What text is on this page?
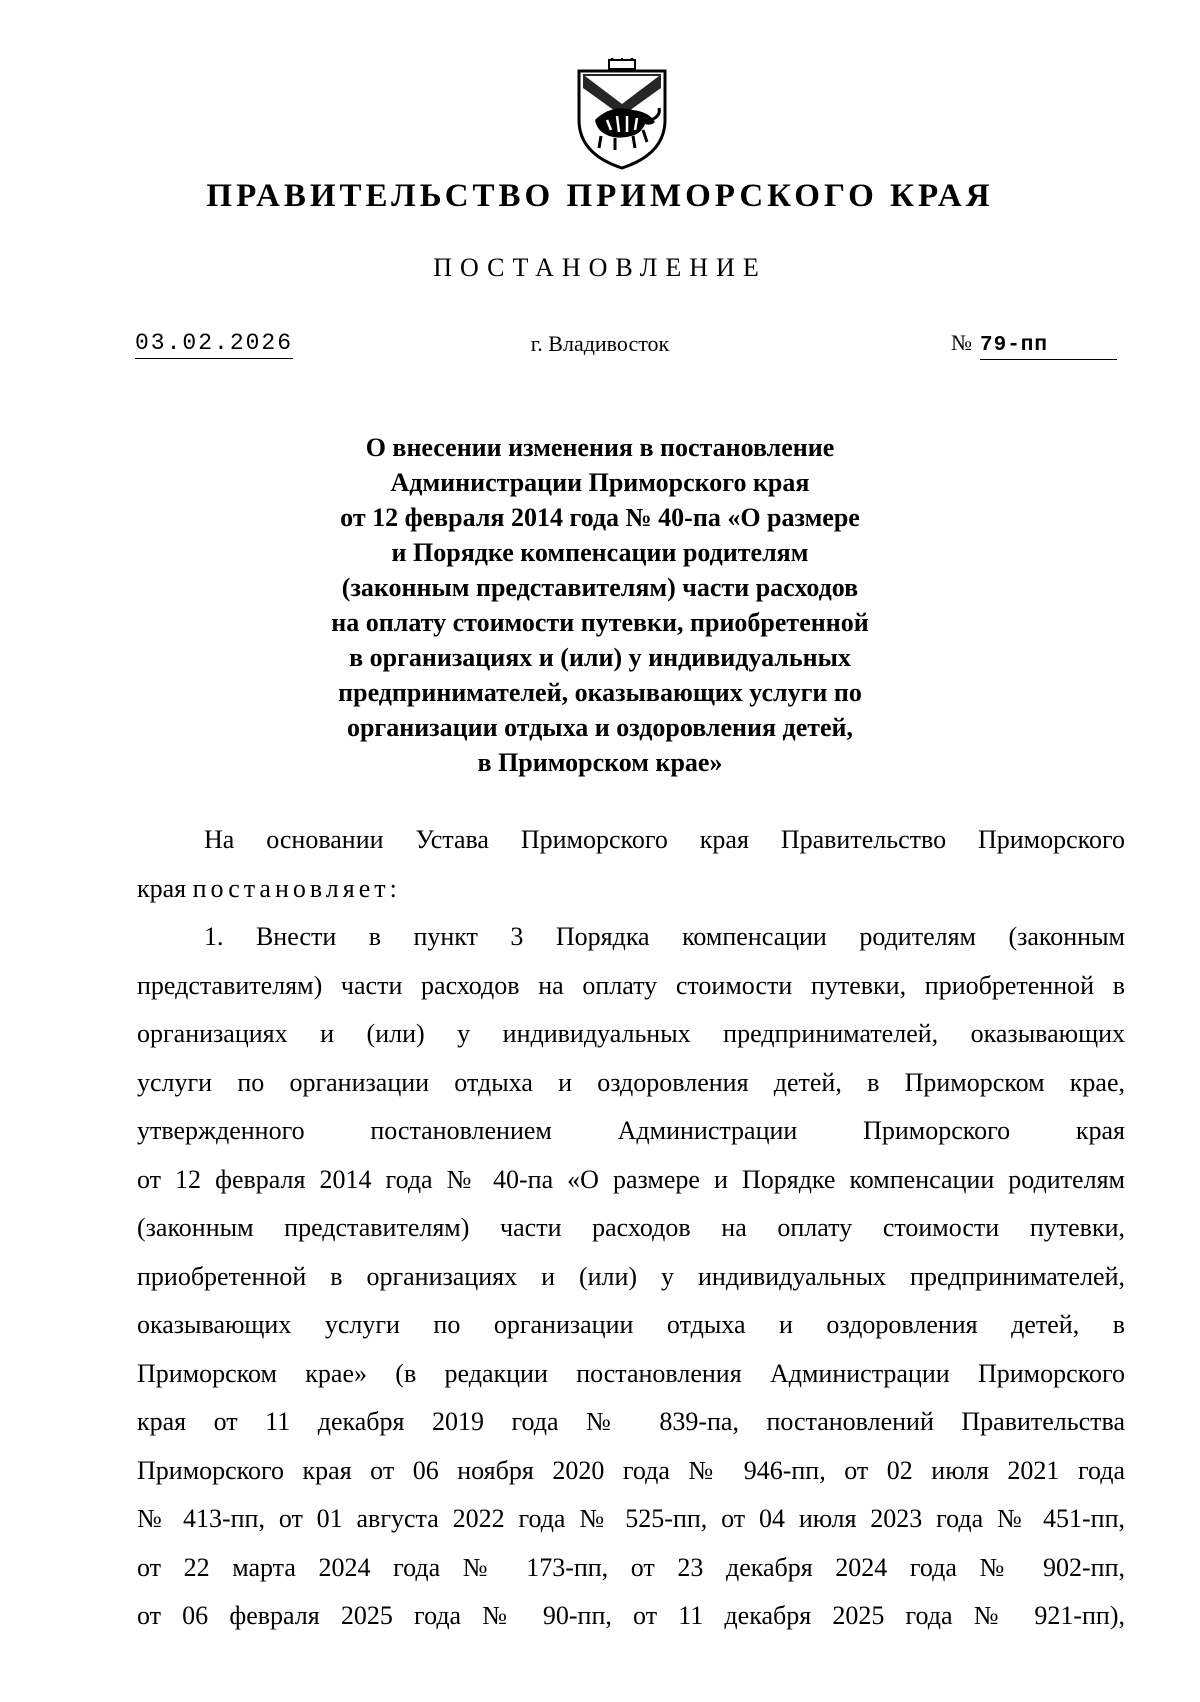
ПРАВИТЕЛЬСТВО ПРИМОРСКОГО КРАЯ
ПОСТАНОВЛЕНИЕ
03.02.2026	г. Владивосток	№ 79-пп
О внесении изменения в постановление
Администрации Приморского края
от 12 февраля 2014 года № 40-па «О размере
и Порядке компенсации родителям
(законным представителям) части расходов
на оплату стоимости путевки, приобретенной
в организациях и (или) у индивидуальных
предпринимателей, оказывающих услуги по
организации отдыха и оздоровления детей,
в Приморском крае»
На основании Устава Приморского края Правительство Приморского
края постановляет:
1. Внести в пункт 3 Порядка компенсации родителям (законным
представителям) части расходов на оплату стоимости путевки, приобретенной в
организациях и (или) у индивидуальных предпринимателей, оказывающих
услуги по организации отдыха и оздоровления детей, в Приморском крае,
утвержденного постановлением Администрации Приморского края
от 12 февраля 2014 года № 40-па «О размере и Порядке компенсации родителям
(законным представителям) части расходов на оплату стоимости путевки,
приобретенной в организациях и (или) у индивидуальных предпринимателей,
оказывающих услуги по организации отдыха и оздоровления детей, в
Приморском крае» (в редакции постановления Администрации Приморского
края от 11 декабря 2019 года № 839-па, постановлений Правительства
Приморского края от 06 ноября 2020 года № 946-пп, от 02 июля 2021 года
№ 413-пп, от 01 августа 2022 года № 525-пп, от 04 июля 2023 года № 451-пп,
от 22 марта 2024 года № 173-пп, от 23 декабря 2024 года № 902-пп,
от 06 февраля 2025 года № 90-пп, от 11 декабря 2025 года № 921-пп),
